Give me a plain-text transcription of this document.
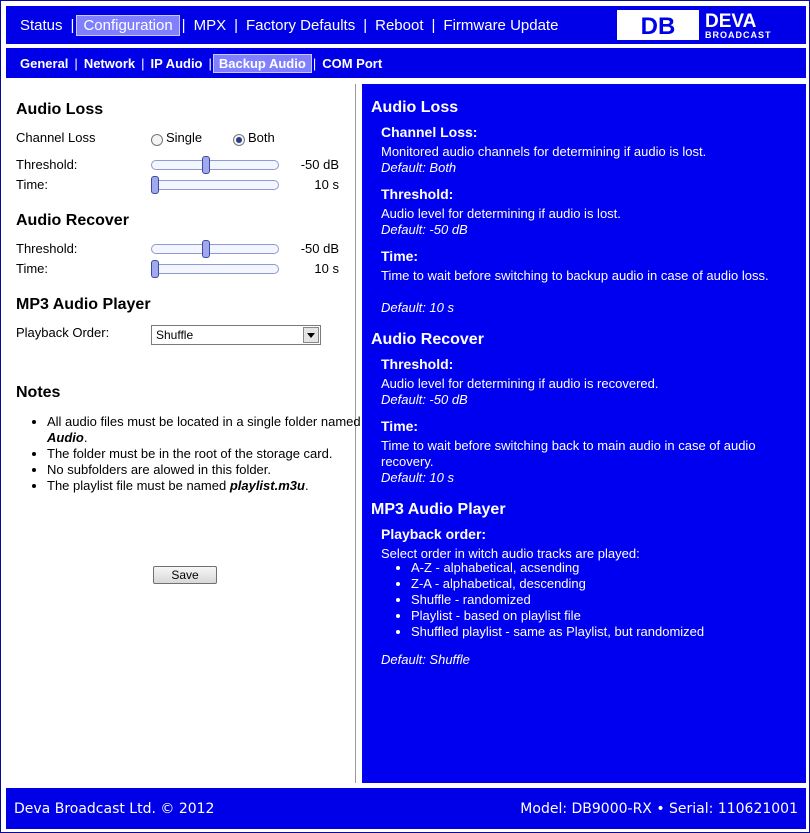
Status | Configuration | MPX | Factory Defaults | Reboot | Firmware Update	DB DEVA
BROADCAST
General | Network | IP Audio | Backup Audio | COM Port
Audio Loss
Channel Loss	Single	Both
Threshold:	-50 dB
Time:	10 s
Audio Recover
Threshold:	-50 dB
Time:	10 s
MP3 Audio Player
Playback Order:	Shuffle
Notes
• All audio files must be located in a single folder named Audio.
• The folder must be in the root of the storage card.
• No subfolders are alowed in this folder.
• The playlist file must be named playlist.m3u.
Save
Audio Loss
Channel Loss:
Monitored audio channels for determining if audio is lost.
Default: Both
Threshold:
Audio level for determining if audio is lost.
Default: -50 dB
Time:
Time to wait before switching to backup audio in case of audio loss.
Default: 10 s
Audio Recover
Threshold:
Audio level for determining if audio is recovered.
Default: -50 dB
Time:
Time to wait before switching back to main audio in case of audio recovery.
Default: 10 s
MP3 Audio Player
Playback order:
Select order in witch audio tracks are played:
• A-Z - alphabetical, acsending
• Z-A - alphabetical, descending
• Shuffle - randomized
• Playlist - based on playlist file
• Shuffled playlist - same as Playlist, but randomized
Default: Shuffle
Deva Broadcast Ltd. © 2012	Model: DB9000-RX • Serial: 110621001
